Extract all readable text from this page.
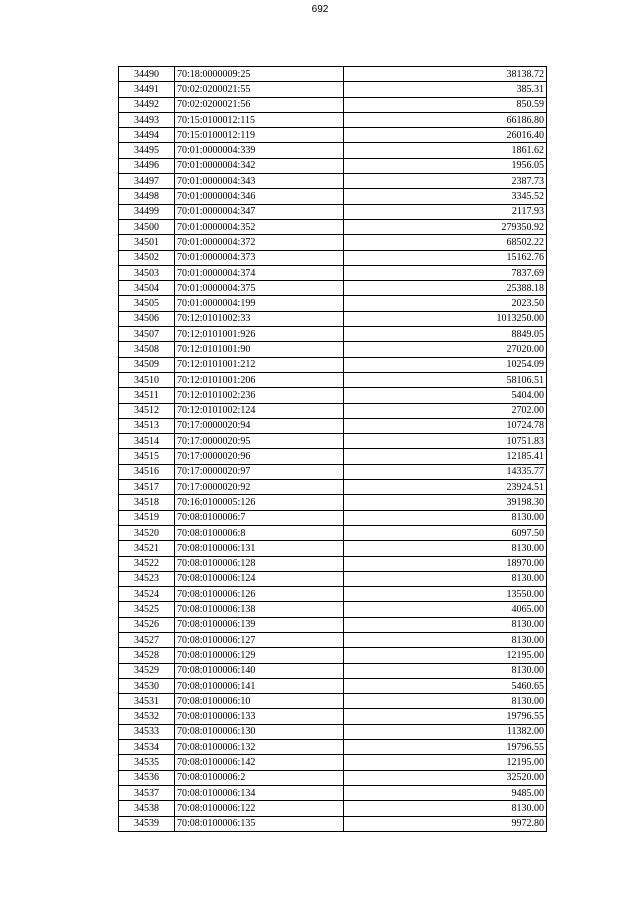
692
34490	70:18:0000009:25	38138.72
34491	70:02:0200021:55	385.31
34492	70:02:0200021:56	850.59
34493	70:15:0100012:115	66186.80
34494	70:15:0100012:119	26016.40
34495	70:01:0000004:339	1861.62
34496	70:01:0000004:342	1956.05
34497	70:01:0000004:343	2387.73
34498	70:01:0000004:346	3345.52
34499	70:01:0000004:347	2117.93
34500	70:01:0000004:352	279350.92
34501	70:01:0000004:372	68502.22
34502	70:01:0000004:373	15162.76
34503	70:01:0000004:374	7837.69
34504	70:01:0000004:375	25388.18
34505	70:01:0000004:199	2023.50
34506	70:12:0101002:33	1013250.00
34507	70:12:0101001:926	8849.05
34508	70:12:0101001:90	27020.00
34509	70:12:0101001:212	10254.09
34510	70:12:0101001:206	58106.51
34511	70:12:0101002:236	5404.00
34512	70:12:0101002:124	2702.00
34513	70:17:0000020:94	10724.78
34514	70:17:0000020:95	10751.83
34515	70:17:0000020:96	12185.41
34516	70:17:0000020:97	14335.77
34517	70:17:0000020:92	23924.51
34518	70:16:0100005:126	39198.30
34519	70:08:0100006:7	8130.00
34520	70:08:0100006:8	6097.50
34521	70:08:0100006:131	8130.00
34522	70:08:0100006:128	18970.00
34523	70:08:0100006:124	8130.00
34524	70:08:0100006:126	13550.00
34525	70:08:0100006:138	4065.00
34526	70:08:0100006:139	8130.00
34527	70:08:0100006:127	8130.00
34528	70:08:0100006:129	12195.00
34529	70:08:0100006:140	8130.00
34530	70:08:0100006:141	5460.65
34531	70:08:0100006:10	8130.00
34532	70:08:0100006:133	19796.55
34533	70:08:0100006:130	11382.00
34534	70:08:0100006:132	19796.55
34535	70:08:0100006:142	12195.00
34536	70:08:0100006:2	32520.00
34537	70:08:0100006:134	9485.00
34538	70:08:0100006:122	8130.00
34539	70:08:0100006:135	9972.80
